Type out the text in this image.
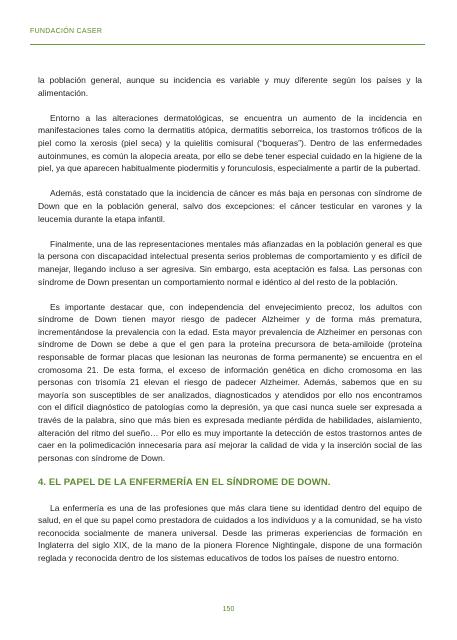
FUNDACIÓN CASER

la población general, aunque su incidencia es variable y muy diferente según los países y la alimentación.

Entorno a las alteraciones dermatológicas, se encuentra un aumento de la incidencia en manifestaciones tales como la dermatitis atópica, dermatitis seborreica, los trastornos tróficos de la piel como la xerosis (piel seca) y la quielitis comisural (“boqueras”). Dentro de las enfermedades autoinmunes, es común la alopecia areata, por ello se debe tener especial cuidado en la higiene de la piel, ya que aparecen habitualmente piodermitis y forunculosis, especialmente a partir de la pubertad.

Además, está constatado que la incidencia de cáncer es más baja en personas con síndrome de Down que en la población general, salvo dos excepciones: el cáncer testicular en varones y la leucemia durante la etapa infantil.

Finalmente, una de las representaciones mentales más afianzadas en la población general es que la persona con discapacidad intelectual presenta serios problemas de comportamiento y es difícil de manejar, llegando incluso a ser agresiva. Sin embargo, esta aceptación es falsa. Las personas con síndrome de Down presentan un comportamiento normal e idéntico al del resto de la población.

Es importante destacar que, con independencia del envejecimiento precoz, los adultos con síndrome de Down tienen mayor riesgo de padecer Alzheimer y de forma más prematura, incrementándose la prevalencia con la edad. Esta mayor prevalencia de Alzheimer en personas con síndrome de Down se debe a que el gen para la proteína precursora de beta-amiloide (proteína responsable de formar placas que lesionan las neuronas de forma permanente) se encuentra en el cromosoma 21. De esta forma, el exceso de información genética en dicho cromosoma en las personas con trisomía 21 elevan el riesgo de padecer Alzheimer. Además, sabemos que en su mayoría son susceptibles de ser analizados, diagnosticados y atendidos por ello nos encontramos con el difícil diagnóstico de patologías como la depresión, ya que casi nunca suele ser expresada a través de la palabra, sino que más bien es expresada mediante pérdida de habilidades, aislamiento, alteración del ritmo del sueño… Por ello es muy importante la detección de estos trastornos antes de caer en la polimedicación innecesaria para así mejorar la calidad de vida y la inserción social de las personas con síndrome de Down.

4. EL PAPEL DE LA ENFERMERÍA EN EL SÍNDROME DE DOWN.

La enfermería es una de las profesiones que más clara tiene su identidad dentro del equipo de salud, en el que su papel como prestadora de cuidados a los individuos y a la comunidad, se ha visto reconocida socialmente de manera universal. Desde las primeras experiencias de formación en Inglaterra del siglo XIX, de la mano de la pionera Florence Nightingale, dispone de una formación reglada y reconocida dentro de los sistemas educativos de todos los países de nuestro entorno.

150
